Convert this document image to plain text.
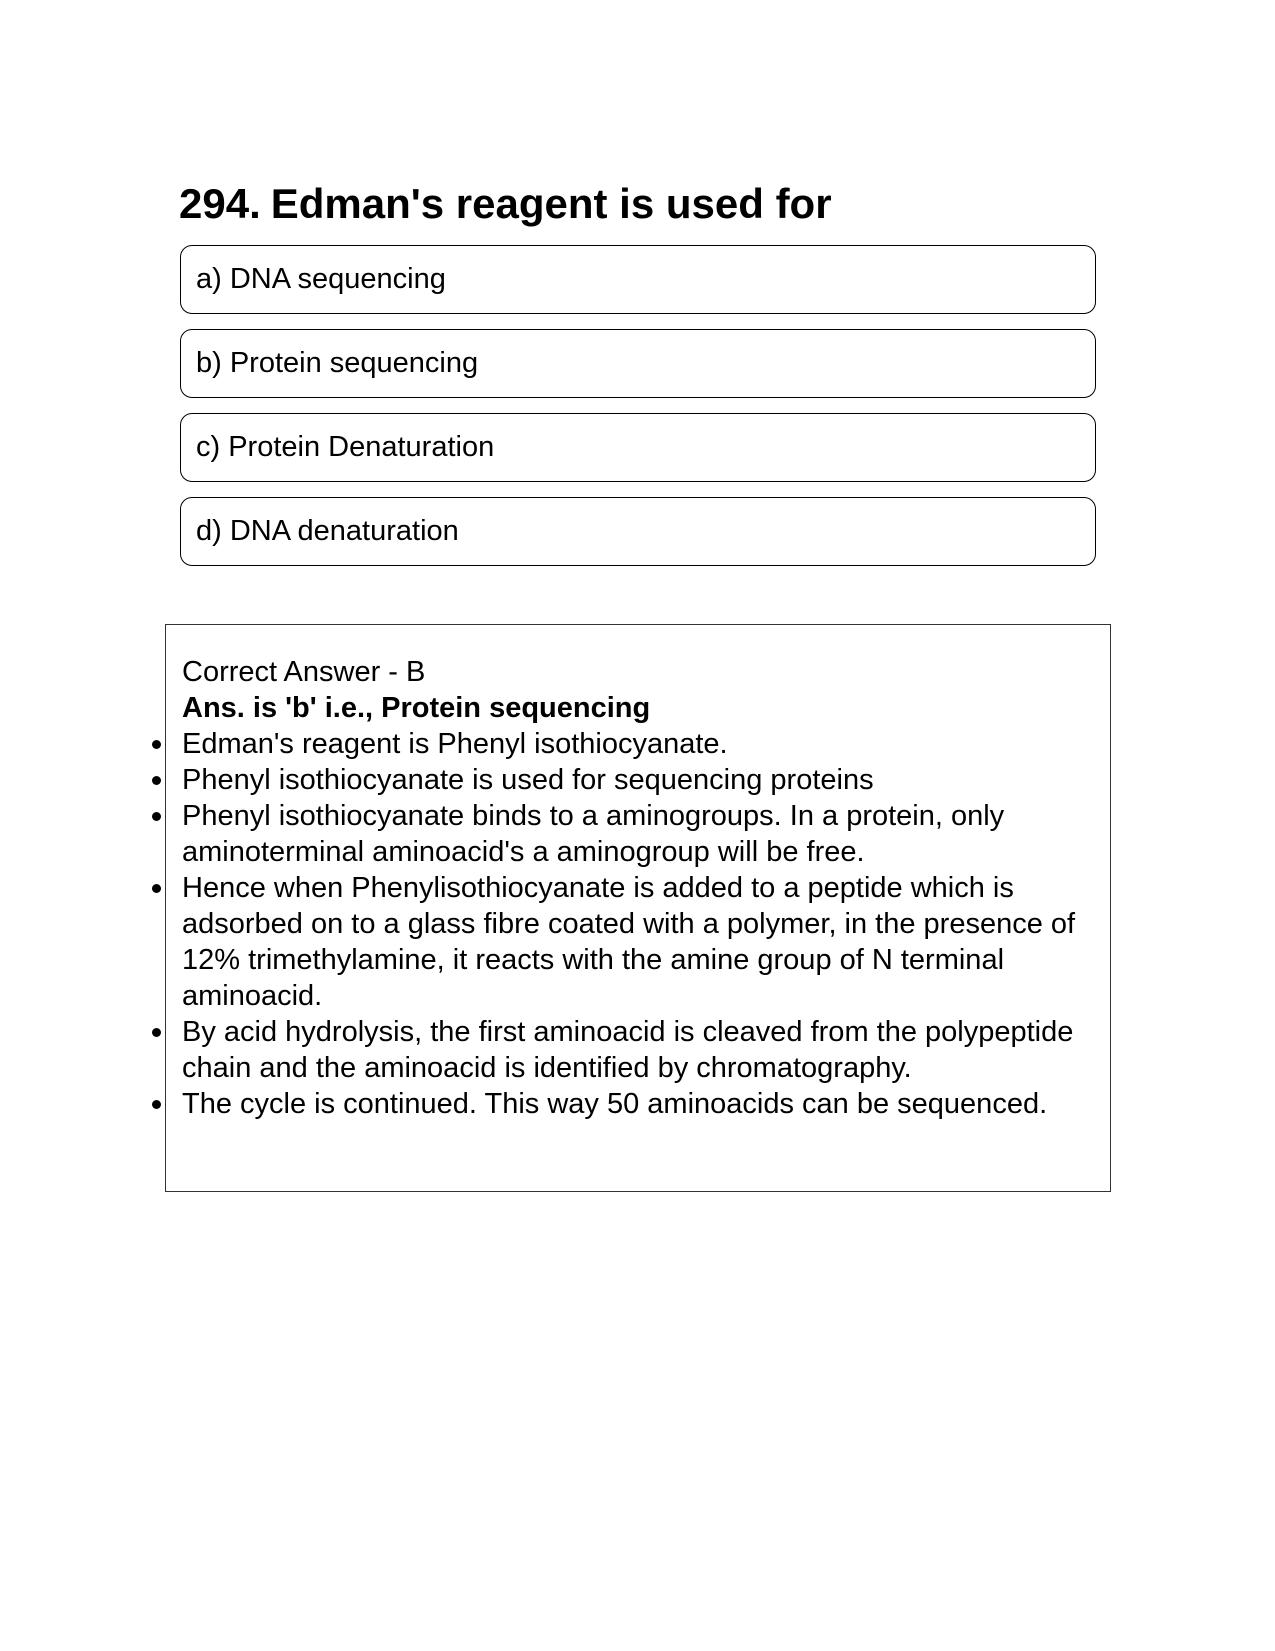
294. Edman's reagent is used for
a) DNA sequencing
b) Protein sequencing
c) Protein Denaturation
d) DNA denaturation

Correct Answer - B

Ans. is 'b' i.e., Protein sequencing

Edman's reagent is Phenyl isothiocyanate.
Phenyl isothiocyanate is used for sequencing proteins
Phenyl isothiocyanate binds to a aminogroups. In a protein, only aminoterminal aminoacid's a aminogroup will be free.
Hence when Phenylisothiocyanate is added to a peptide which is adsorbed on to a glass fibre coated with a polymer, in the presence of 12% trimethylamine, it reacts with the amine group of N terminal aminoacid.
By acid hydrolysis, the first aminoacid is cleaved from the polypeptide chain and the aminoacid is identified by chromatography.
The cycle is continued. This way 50 aminoacids can be sequenced.
